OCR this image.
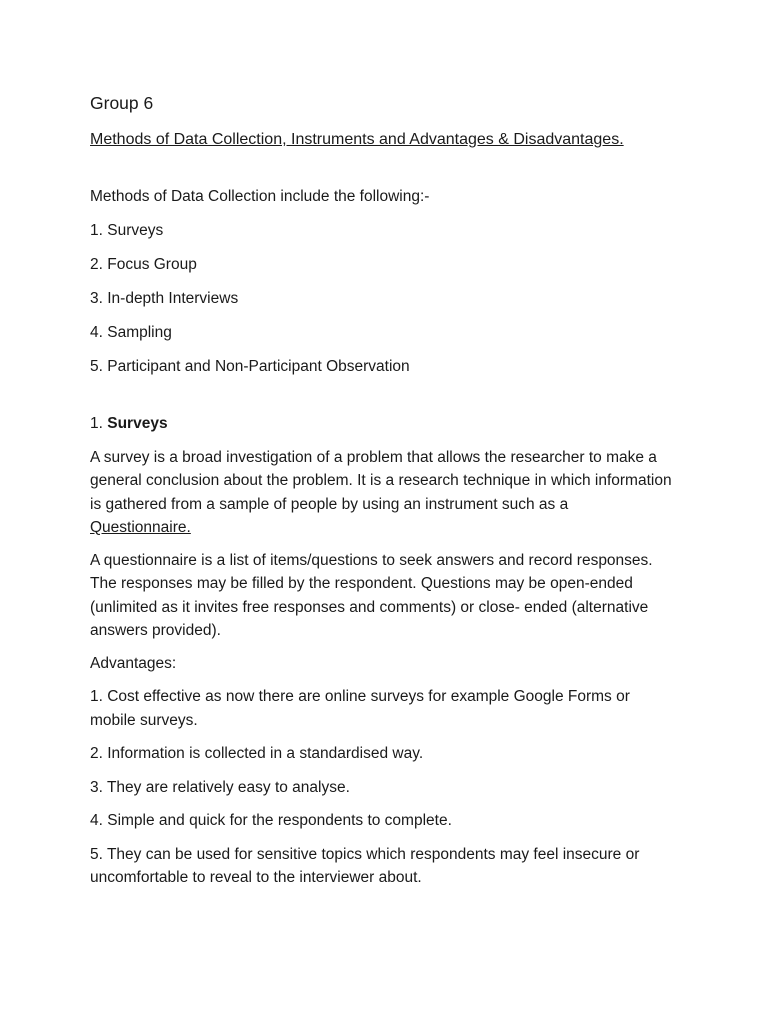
Group 6

Methods of Data Collection, Instruments and Advantages & Disadvantages.

Methods of Data Collection include the following:-

1. Surveys

2. Focus Group

3. In-depth Interviews

4. Sampling

5. Participant and Non-Participant Observation

1. Surveys

A survey is a broad investigation of a problem that allows the researcher to make a general conclusion about the problem. It is a research technique in which information is gathered from a sample of people by using an instrument such as a
Questionnaire.

A questionnaire is a list of items/questions to seek answers and record responses. The responses may be filled by the respondent. Questions may be open-ended (unlimited as it invites free responses and comments) or close- ended (alternative answers provided).

Advantages:

1. Cost effective as now there are online surveys for example Google Forms or mobile surveys.

2. Information is collected in a standardised way.

3. They are relatively easy to analyse.

4. Simple and quick for the respondents to complete.

5. They can be used for sensitive topics which respondents may feel insecure or uncomfortable to reveal to the interviewer about.
